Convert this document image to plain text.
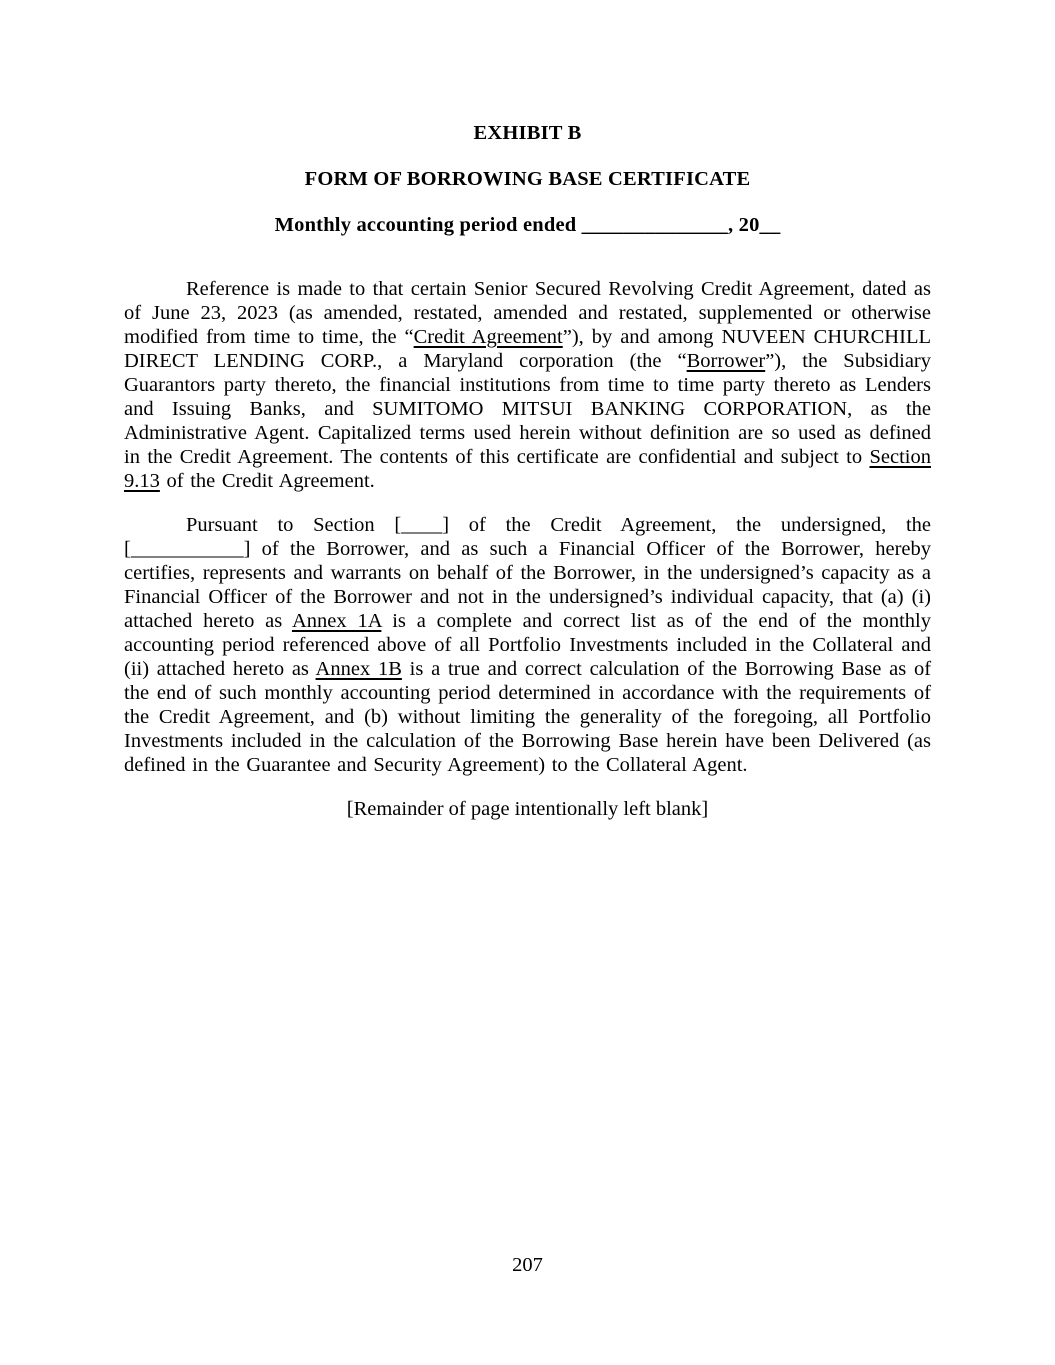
EXHIBIT B

FORM OF BORROWING BASE CERTIFICATE

Monthly accounting period ended ______________, 20__

Reference is made to that certain Senior Secured Revolving Credit Agreement, dated as of June 23, 2023 (as amended, restated, amended and restated, supplemented or otherwise modified from time to time, the “Credit Agreement”), by and among NUVEEN CHURCHILL DIRECT LENDING CORP., a Maryland corporation (the “Borrower”), the Subsidiary Guarantors party thereto, the financial institutions from time to time party thereto as Lenders and Issuing Banks, and SUMITOMO MITSUI BANKING CORPORATION, as the Administrative Agent. Capitalized terms used herein without definition are so used as defined in the Credit Agreement. The contents of this certificate are confidential and subject to Section 9.13 of the Credit Agreement.

Pursuant to Section [____] of the Credit Agreement, the undersigned, the [___________] of the Borrower, and as such a Financial Officer of the Borrower, hereby certifies, represents and warrants on behalf of the Borrower, in the undersigned’s capacity as a Financial Officer of the Borrower and not in the undersigned’s individual capacity, that (a) (i) attached hereto as Annex 1A is a complete and correct list as of the end of the monthly accounting period referenced above of all Portfolio Investments included in the Collateral and (ii) attached hereto as Annex 1B is a true and correct calculation of the Borrowing Base as of the end of such monthly accounting period determined in accordance with the requirements of the Credit Agreement, and (b) without limiting the generality of the foregoing, all Portfolio Investments included in the calculation of the Borrowing Base herein have been Delivered (as defined in the Guarantee and Security Agreement) to the Collateral Agent.

[Remainder of page intentionally left blank]

207
